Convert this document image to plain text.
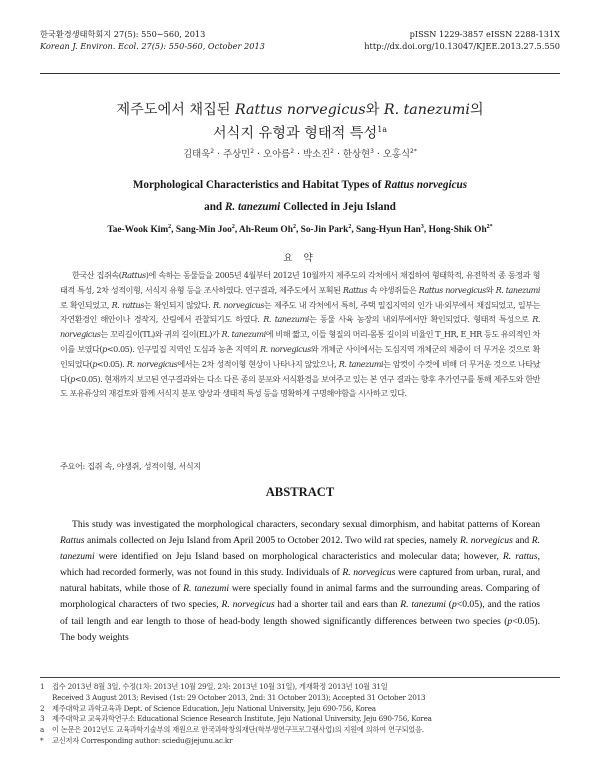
한국환경생태학회지 27(5): 550∼560, 2013
Korean J. Environ. Ecol. 27(5): 550-560, October 2013
pISSN 1229-3857 eISSN 2288-131X
http://dx.doi.org/10.13047/KJEE.2013.27.5.550
제주도에서 채집된 Rattus norvegicus와 R. tanezumi의
서식지 유형과 형태적 특성$^{1a}$
김태욱$^2$ · 주상민$^2$ · 오아름$^2$ · 박소진$^2$ · 한상현$^3$ · 오홍식$^{2*}$
Morphological Characteristics and Habitat Types of Rattus norvegicus
and R. tanezumi Collected in Jeju Island
Tae-Wook Kim$^2$, Sang-Min Joo$^2$, Ah-Reum Oh$^2$, So-Jin Park$^2$, Sang-Hyun Han$^3$, Hong-Shik $Oh^{2*}$
요 약
한국산 집쥐속(Rattus)에 속하는 동물들을 2005년 4월부터 2012년 10월까지 제주도의 각처에서 채집하여 형태학적, 유전학적 종 동정과 형태적 특성, 2차 성적이형, 서식지 유형 등을 조사하였다. 연구결과, 제주도에서 포획된 Rattus 속 야생쥐들은 Rattus norvegicus와 R. tanezumi로 확인되었고, R. rattus는 확인되지 않았다. R. norvegicus는 제주도 내 각처에서 특히, 주택 밀집지역의 인가 내·외부에서 채집되었고, 일부는 자연환경인 해안이나 경작지, 산림에서 관찰되기도 하였다. R. tanezumi는 동물 사육 농장의 내외부에서만 확인되었다. 형태적 특성으로 R. norvegicus는 꼬리길이(TL)와 귀의 길이(EL)가 R. tanezumi에 비해 짧고, 이들 형질의 머리-몸통 길이의 비율인 T_HR, E_HR 등도 유의적인 차이를 보였다(p<0.05). 인구밀집 지역인 도심과 농촌 지역의 R. norvegicus와 개체군 사이에서는 도심지역 개체군의 체중이 더 무거운 것으로 확인되었다(p<0.05). R. norvegicus에서는 2차 성적이형 현상이 나타나지 않았으나, R. tanezumi는 암컷이 수컷에 비해 더 무거운 것으로 나타났다(p<0.05). 현재까지 보고된 연구결과와는 다소 다른 종의 분포와 서식환경을 보여주고 있는 본 연구 결과는 향후 추가연구를 통해 제주도와 한반도 포유류상의 재검토와 함께 서식지 분포 양상과 생태적 특성 등을 명확하게 구명해야함을 시사하고 있다.
주요어: 집쥐 속, 야생쥐, 성적이형, 서식지
ABSTRACT
This study was investigated the morphological characters, secondary sexual dimorphism, and habitat patterns of Korean Rattus animals collected on Jeju Island from April 2005 to October 2012. Two wild rat species, namely R. norvegicus and R. tanezumi were identified on Jeju Island based on morphological characteristics and molecular data; however, R. rattus, which had recorded formerly, was not found in this study. Individuals of R. norvegicus were captured from urban, rural, and natural habitats, while those of R. tanezumi were specially found in animal farms and the surrounding areas. Comparing of morphological characters of two species, R. norvegicus had a shorter tail and ears than R. tanezumi (p<0.05), and the ratios of tail length and ear length to those of head-body length showed significantly differences between two species (p<0.05). The body weights
1 접수 2013년 8월 3일, 수정(1차: 2013년 10월 29일, 2차: 2013년 10월 31일), 게재확정 2013년 10월 31일
Received 3 August 2013; Revised (1st: 29 October 2013, 2nd: 31 October 2013); Accepted 31 October 2013
2 제주대학교 과학교육과 Dept. of Science Education, Jeju National University, Jeju 690-756, Korea
3 제주대학교 교육과학연구소 Educational Science Research Institute, Jeju National University, Jeju 690-756, Korea
a 이 논문은 2012년도 교육과학기술부의 재원으로 한국과학창의재단(학부생연구프로그램사업)의 지원에 의하여 연구되었음.
* 교신저자 Corresponding author: sciedu@jejunu.ac.kr
